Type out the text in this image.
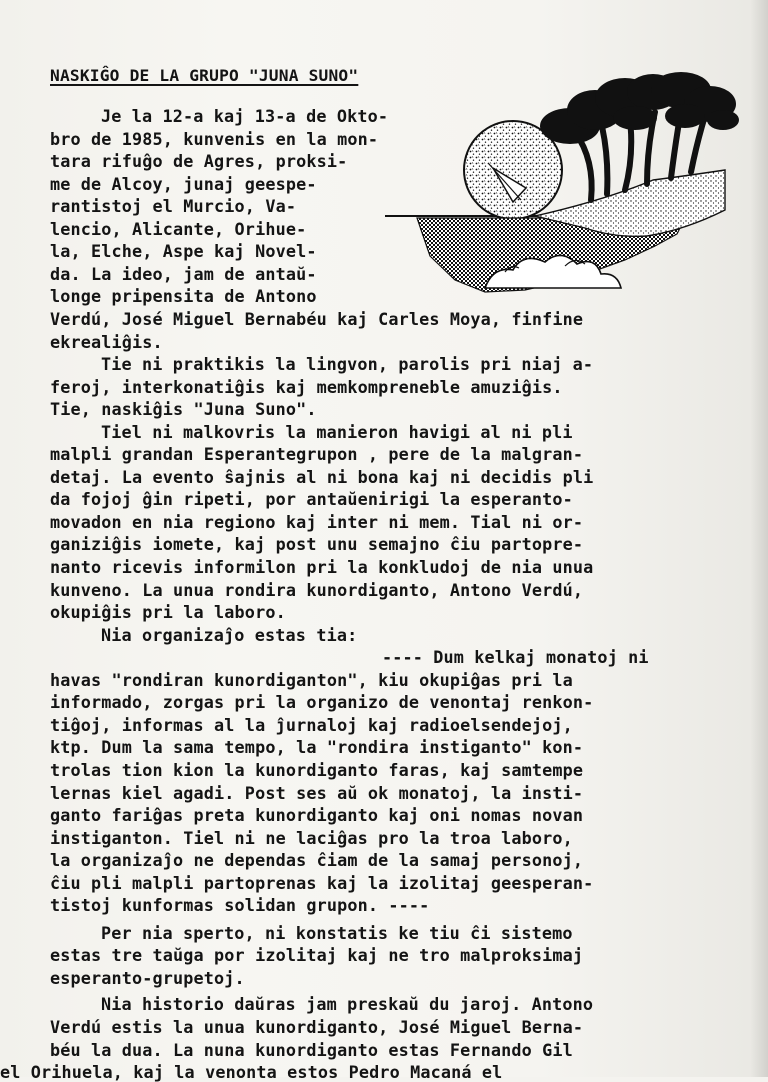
NASKIĜO DE LA GRUPO "JUNA SUNO"
Je la 12-a kaj 13-a de Okto-
bro de 1985, kunvenis en la mon-
tara rifuĝo de Agres, proksi-
me de Alcoy, junaj geespe-
rantistoj el Murcio, Va-
lencio, Alicante, Orihue-
la, Elche, Aspe kaj Novel-
da. La ideo, jam de antaŭ-
longe pripensita de Antono
Verdú, José Miguel Bernabéu kaj Carles Moya, finfine
ekrealiĝis.
Tie ni praktikis la lingvon, parolis pri niaj a-
feroj, interkonatiĝis kaj memkompreneble amuziĝis.
Tie, naskiĝis "Juna Suno".
Tiel ni malkovris la manieron havigi al ni pli
malpli grandan Esperantegrupon , pere de la malgran-
detaj. La evento ŝajnis al ni bona kaj ni decidis pli
da fojoj ĝin ripeti, por antaŭenirigi la esperanto-
movadon en nia regiono kaj inter ni mem. Tial ni or-
ganiziĝis iomete, kaj post unu semajno ĉiu partopre-
nanto ricevis informilon pri la konkludoj de nia unua
kunveno. La unua rondira kunordiganto, Antono Verdú,
okupiĝis pri la laboro.
Nia organizaĵo estas tia:
---- Dum kelkaj monatoj ni
havas "rondiran kunordiganton", kiu okupiĝas pri la
informado, zorgas pri la organizo de venontaj renkon-
tiĝoj, informas al la ĵurnaloj kaj radioelsendejoj,
ktp. Dum la sama tempo, la "rondira instiganto" kon-
trolas tion kion la kunordiganto faras, kaj samtempe
lernas kiel agadi. Post ses aŭ ok monatoj, la insti-
ganto fariĝas preta kunordiganto kaj oni nomas novan
instiganton. Tiel ni ne laciĝas pro la troa laboro,
la organizaĵo ne dependas ĉiam de la samaj personoj,
ĉiu pli malpli partoprenas kaj la izolitaj geesperan-
tistoj kunformas solidan grupon. ----
Per nia sperto, ni konstatis ke tiu ĉi sistemo
estas tre taŭga por izolitaj kaj ne tro malproksimaj
esperanto-grupetoj.
Nia historio daŭras jam preskaŭ du jaroj. Antono
Verdú estis la unua kunordiganto, José Miguel Berna-
béu la dua. La nuna kunordiganto estas Fernando Gil
el Orihuela, kaj la venonta estos Pedro Macaná el
